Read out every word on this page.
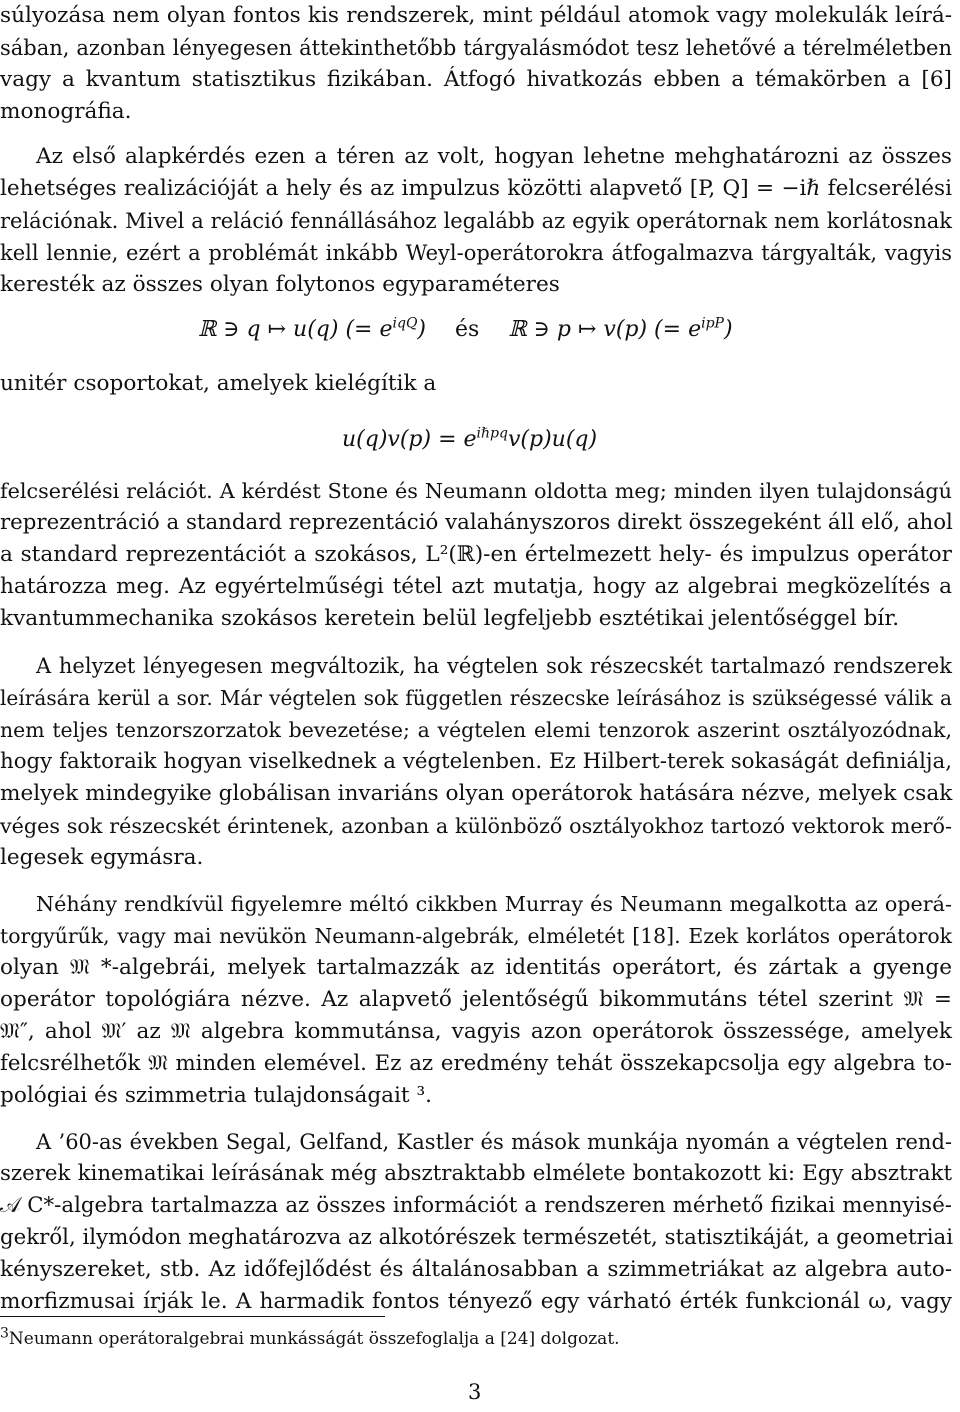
súlyozása nem olyan fontos kis rendszerek, mint például atomok vagy molekulák leírá-
sában, azonban lényegesen áttekinthetőbb tárgyalásmódot tesz lehetővé a térelméletben
vagy a kvantum statisztikus fizikában. Átfogó hivatkozás ebben a témakörben a [6]
monográfia.
Az első alapkérdés ezen a téren az volt, hogyan lehetne mehghatározni az összes
lehetséges realizációját a hely és az impulzus közötti alapvető [P, Q] = −iℏ felcserélési
relációnak. Mivel a reláció fennállásához legalább az egyik operátornak nem korlátosnak
kell lennie, ezért a problémát inkább Weyl-operátorokra átfogalmazva tárgyalták, vagyis
keresték az összes olyan folytonos egyparaméteres
ℝ ∋ q ↦ u(q) (= $e^{iqQ}$) és ℝ ∋ p ↦ v(p) (= $e^{ipP}$)
unitér csoportokat, amelyek kielégítik a
$u(q)v(p) = e^{i\hbar pq}v(p)u(q)$
felcserélési relációt. A kérdést Stone és Neumann oldotta meg; minden ilyen tulajdonságú
reprezentráció a standard reprezentáció valahányszoros direkt összegeként áll elő, ahol
a standard reprezentációt a szokásos, L²(ℝ)-en értelmezett hely- és impulzus operátor
határozza meg. Az egyértelműségi tétel azt mutatja, hogy az algebrai megközelítés a
kvantummechanika szokásos keretein belül legfeljebb esztétikai jelentőséggel bír.
A helyzet lényegesen megváltozik, ha végtelen sok részecskét tartalmazó rendszerek
leírására kerül a sor. Már végtelen sok független részecske leírásához is szükségessé válik a
nem teljes tenzorszorzatok bevezetése; a végtelen elemi tenzorok aszerint osztályozódnak,
hogy faktoraik hogyan viselkednek a végtelenben. Ez Hilbert-terek sokaságát definiálja,
melyek mindegyike globálisan invariáns olyan operátorok hatására nézve, melyek csak
véges sok részecskét érintenek, azonban a különböző osztályokhoz tartozó vektorok merő-
legesek egymásra.
Néhány rendkívül figyelemre méltó cikkben Murray és Neumann megalkotta az operá-
torgyűrűk, vagy mai nevükön Neumann-algebrák, elméletét [18]. Ezek korlátos operátorok
olyan 𝔐 *-algebrái, melyek tartalmazzák az identitás operátort, és zártak a gyenge
operátor topológiára nézve. Az alapvető jelentőségű bikommutáns tétel szerint 𝔐 =
𝔐″, ahol 𝔐′ az 𝔐 algebra kommutánsa, vagyis azon operátorok összessége, amelyek
felcsrélhetők 𝔐 minden elemével. Ez az eredmény tehát összekapcsolja egy algebra to-
pológiai és szimmetria tulajdonságait ³.
A ’60-as években Segal, Gelfand, Kastler és mások munkája nyomán a végtelen rend-
szerek kinematikai leírásának még absztraktabb elmélete bontakozott ki: Egy absztrakt
𝒜 C*-algebra tartalmazza az összes információt a rendszeren mérhető fizikai mennyisé-
gekről, ilymódon meghatározva az alkotórészek természetét, statisztikáját, a geometriai
kényszereket, stb. Az időfejlődést és általánosabban a szimmetriákat az algebra auto-
morfizmusai írják le. A harmadik fontos tényező egy várható érték funkcionál ω, vagy
$^3$Neumann operátoralgebrai munkásságát összefoglalja a [24] dolgozat.
3
